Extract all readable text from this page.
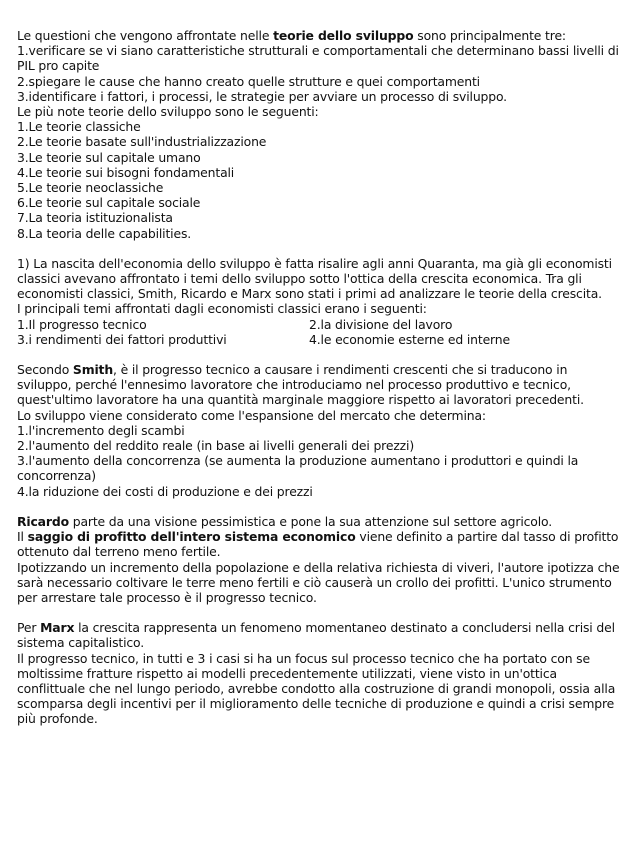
Le questioni che vengono affrontate nelle teorie dello sviluppo sono principalmente tre:

1.verificare se vi siano caratteristiche strutturali e comportamentali che determinano bassi livelli di PIL pro capite

2.spiegare le cause che hanno creato quelle strutture e quei comportamenti

3.identificare i fattori, i processi, le strategie per avviare un processo di sviluppo.

Le più note teorie dello sviluppo sono le seguenti:

1.Le teorie classiche

2.Le teorie basate sull'industrializzazione

3.Le teorie sul capitale umano

4.Le teorie sui bisogni fondamentali

5.Le teorie neoclassiche

6.Le teorie sul capitale sociale

7.La teoria istituzionalista

8.La teoria delle capabilities.

1) La nascita dell'economia dello sviluppo è fatta risalire agli anni Quaranta, ma già gli economisti classici avevano affrontato i temi dello sviluppo sotto l'ottica della crescita economica. Tra gli economisti classici, Smith, Ricardo e Marx sono stati i primi ad analizzare le teorie della crescita.

I principali temi affrontati dagli economisti classici erano i seguenti:

1.Il progresso tecnico	2.la divisione del lavoro

3.i rendimenti dei fattori produttivi	4.le economie esterne ed interne

Secondo Smith, è il progresso tecnico a causare i rendimenti crescenti che si traducono in sviluppo, perché l'ennesimo lavoratore che introduciamo nel processo produttivo e tecnico, quest'ultimo lavoratore ha una quantità marginale maggiore rispetto ai lavoratori precedenti.

Lo sviluppo viene considerato come l'espansione del mercato che determina:

1.l'incremento degli scambi

2.l'aumento del reddito reale (in base ai livelli generali dei prezzi)

3.l'aumento della concorrenza (se aumenta la produzione aumentano i produttori e quindi la concorrenza)

4.la riduzione dei costi di produzione e dei prezzi

Ricardo parte da una visione pessimistica e pone la sua attenzione sul settore agricolo.

Il saggio di profitto dell'intero sistema economico viene definito a partire dal tasso di profitto ottenuto dal terreno meno fertile.

Ipotizzando un incremento della popolazione e della relativa richiesta di viveri, l'autore ipotizza che sarà necessario coltivare le terre meno fertili e ciò causerà un crollo dei profitti. L'unico strumento per arrestare tale processo è il progresso tecnico.

Per Marx la crescita rappresenta un fenomeno momentaneo destinato a concludersi nella crisi del sistema capitalistico.

Il progresso tecnico, in tutti e 3 i casi si ha un focus sul processo tecnico che ha portato con se moltissime fratture rispetto ai modelli precedentemente utilizzati, viene visto in un'ottica conflittuale che nel lungo periodo, avrebbe condotto alla costruzione di grandi monopoli, ossia alla scomparsa degli incentivi per il miglioramento delle tecniche di produzione e quindi a crisi sempre più profonde.
